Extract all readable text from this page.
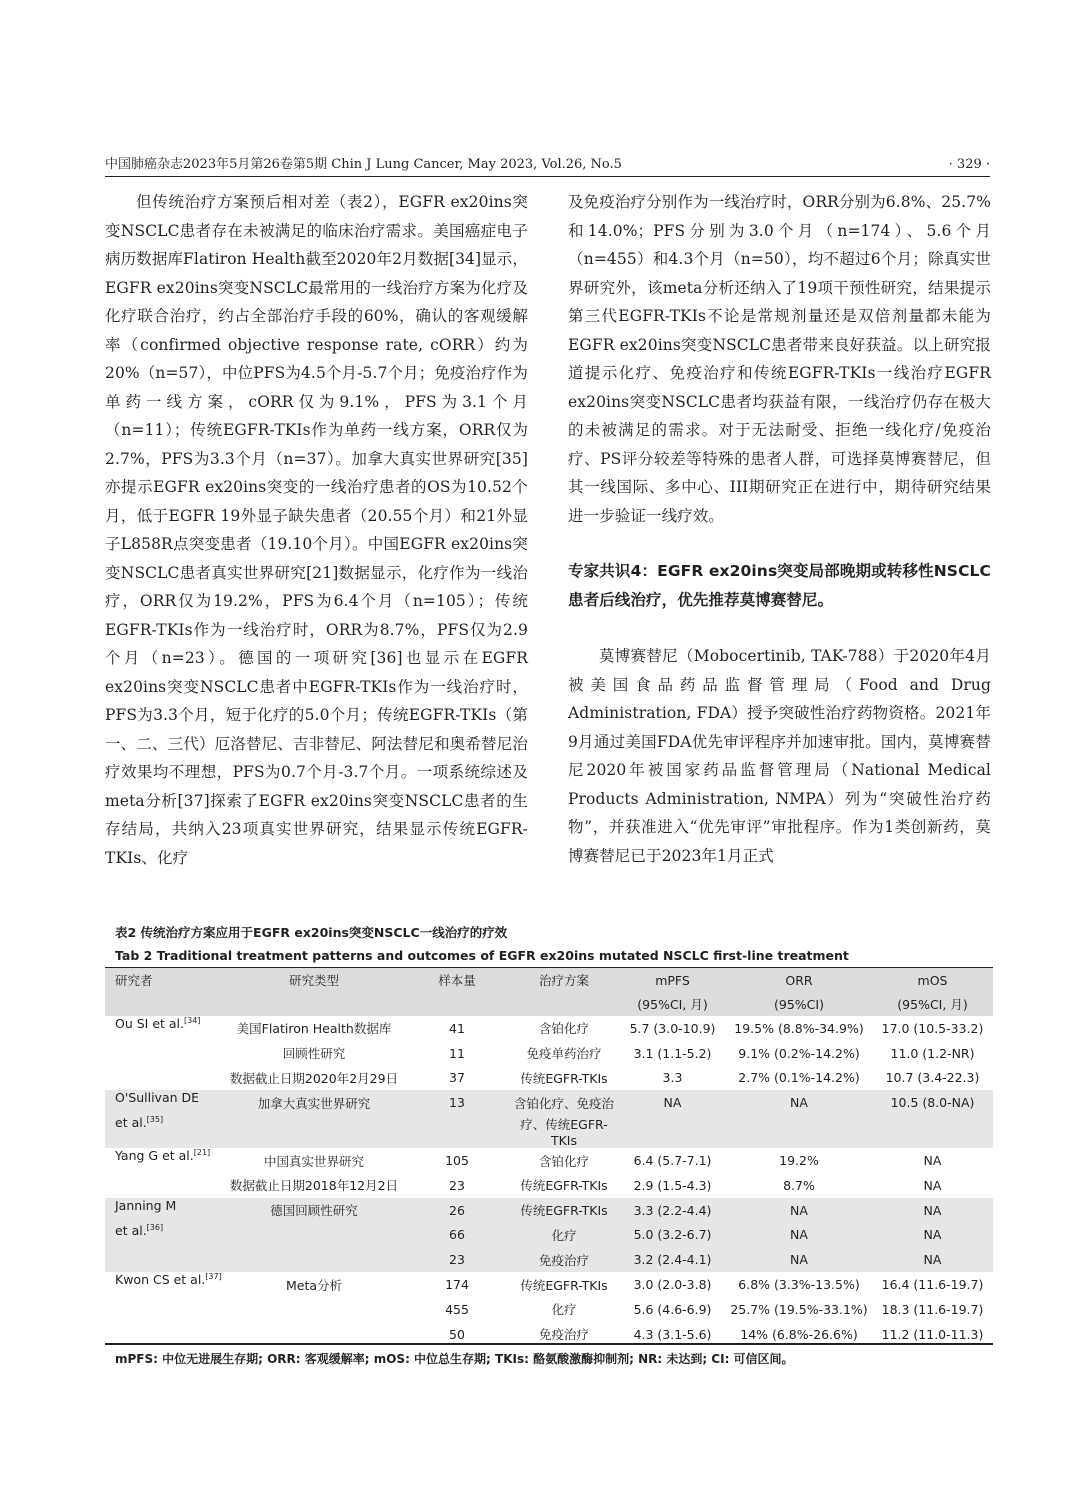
中国肺癌杂志2023年5月第26卷第5期 Chin J Lung Cancer, May 2023, Vol.26, No.5	· 329 ·

但传统治疗方案预后相对差（表2），EGFR ex20ins突变NSCLC患者存在未被满足的临床治疗需求。美国癌症电子病历数据库Flatiron Health截至2020年2月数据[34]显示，EGFR ex20ins突变NSCLC最常用的一线治疗方案为化疗及化疗联合治疗，约占全部治疗手段的60%，确认的客观缓解率（confirmed objective response rate, cORR）约为20%（n=57），中位PFS为4.5个月-5.7个月；免疫治疗作为单药一线方案，cORR仅为9.1%，PFS为3.1个月（n=11）；传统EGFR-TKIs作为单药一线方案，ORR仅为2.7%，PFS为3.3个月（n=37）。加拿大真实世界研究[35]亦提示EGFR ex20ins突变的一线治疗患者的OS为10.52个月，低于EGFR 19外显子缺失患者（20.55个月）和21外显子L858R点突变患者（19.10个月）。中国EGFR ex20ins突变NSCLC患者真实世界研究[21]数据显示，化疗作为一线治疗，ORR仅为19.2%，PFS为6.4个月（n=105）；传统EGFR-TKIs作为一线治疗时，ORR为8.7%，PFS仅为2.9个月（n=23）。德国的一项研究[36]也显示在EGFR ex20ins突变NSCLC患者中EGFR-TKIs作为一线治疗时，PFS为3.3个月，短于化疗的5.0个月；传统EGFR-TKIs（第一、二、三代）厄洛替尼、吉非替尼、阿法替尼和奥希替尼治疗效果均不理想，PFS为0.7个月-3.7个月。一项系统综述及meta分析[37]探索了EGFR ex20ins突变NSCLC患者的生存结局，共纳入23项真实世界研究，结果显示传统EGFR-TKIs、化疗

及免疫治疗分别作为一线治疗时，ORR分别为6.8%、25.7%和14.0%；PFS分别为3.0个月（n=174）、5.6个月（n=455）和4.3个月（n=50），均不超过6个月；除真实世界研究外，该meta分析还纳入了19项干预性研究，结果提示第三代EGFR-TKIs不论是常规剂量还是双倍剂量都未能为EGFR ex20ins突变NSCLC患者带来良好获益。以上研究报道提示化疗、免疫治疗和传统EGFR-TKIs一线治疗EGFR ex20ins突变NSCLC患者均获益有限，一线治疗仍存在极大的未被满足的需求。对于无法耐受、拒绝一线化疗/免疫治疗、PS评分较差等特殊的患者人群，可选择莫博赛替尼，但其一线国际、多中心、III期研究正在进行中，期待研究结果进一步验证一线疗效。

专家共识4：EGFR ex20ins突变局部晚期或转移性NSCLC患者后线治疗，优先推荐莫博赛替尼。

莫博赛替尼（Mobocertinib, TAK-788）于2020年4月被美国食品药品监督管理局（Food and Drug Administration, FDA）授予突破性治疗药物资格。2021年9月通过美国FDA优先审评程序并加速审批。国内，莫博赛替尼2020年被国家药品监督管理局（National Medical Products Administration, NMPA）列为“突破性治疗药物”，并获准进入“优先审评”审批程序。作为1类创新药，莫博赛替尼已于2023年1月正式

表2 传统治疗方案应用于EGFR ex20ins突变NSCLC一线治疗的疗效
Tab 2 Traditional treatment patterns and outcomes of EGFR ex20ins mutated NSCLC first-line treatment
研究者	研究类型	样本量	治疗方案	mPFS	ORR	mOS
				(95%CI, 月)	(95%CI)	(95%CI, 月)
Ou SI et al.[34]	美国Flatiron Health数据库	41	含铂化疗	5.7 (3.0-10.9)	19.5% (8.8%-34.9%)	17.0 (10.5-33.2)
	回顾性研究	11	免疫单药治疗	3.1 (1.1-5.2)	9.1% (0.2%-14.2%)	11.0 (1.2-NR)
	数据截止日期2020年2月29日	37	传统EGFR-TKIs	3.3	2.7% (0.1%-14.2%)	10.7 (3.4-22.3)
O'Sullivan DE	加拿大真实世界研究	13	含铂化疗、免疫治	NA	NA	10.5 (8.0-NA)
et al.[35]			疗、传统EGFR-TKIs			
Yang G et al.[21]	中国真实世界研究	105	含铂化疗	6.4 (5.7-7.1)	19.2%	NA
	数据截止日期2018年12月2日	23	传统EGFR-TKIs	2.9 (1.5-4.3)	8.7%	NA
Janning M	德国回顾性研究	26	传统EGFR-TKIs	3.3 (2.2-4.4)	NA	NA
et al.[36]		66	化疗	5.0 (3.2-6.7)	NA	NA
		23	免疫治疗	3.2 (2.4-4.1)	NA	NA
Kwon CS et al.[37]	Meta分析	174	传统EGFR-TKIs	3.0 (2.0-3.8)	6.8% (3.3%-13.5%)	16.4 (11.6-19.7)
		455	化疗	5.6 (4.6-6.9)	25.7% (19.5%-33.1%)	18.3 (11.6-19.7)
		50	免疫治疗	4.3 (3.1-5.6)	14% (6.8%-26.6%)	11.2 (11.0-11.3)
mPFS: 中位无进展生存期; ORR: 客观缓解率; mOS: 中位总生存期; TKIs: 酪氨酸激酶抑制剂; NR: 未达到; CI: 可信区间。
